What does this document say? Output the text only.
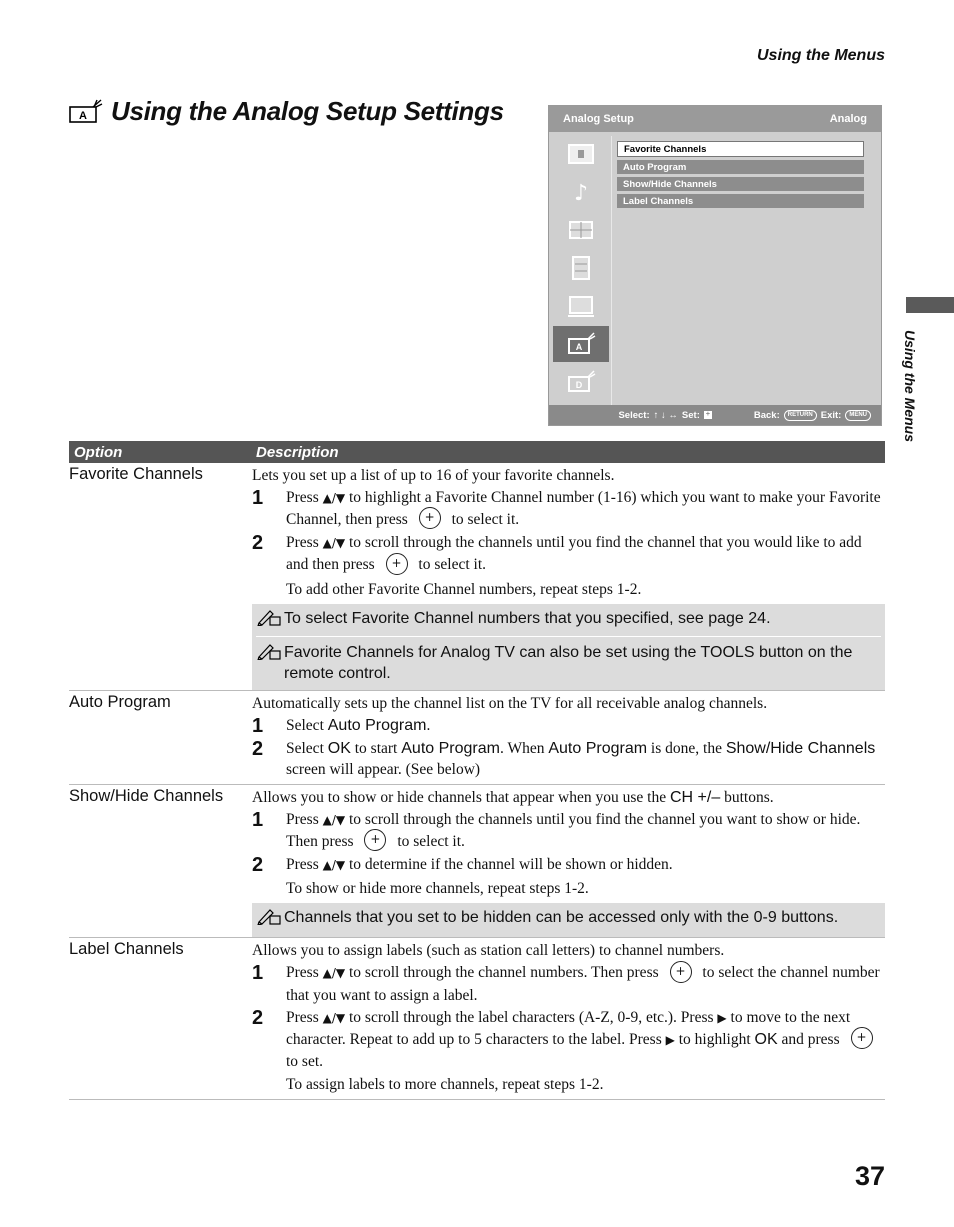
Using the Menus
A Using the Analog Setup Settings
Using the Menus
Analog Setup	Analog
♪
A
D
Favorite Channels
Auto Program
Show/Hide Channels
Label Channels
Select: ↑ ↓ ↔ Set: +	Back:	RETURN Exit:	MENU
Option	Description
Favorite Channels	Lets you set up a list of up to 16 of your favorite channels.
1	Press ▲/▼ to highlight a Favorite Channel number (1-16) which you want to make your Favorite Channel, then press + to select it.
2	Press ▲/▼ to scroll through the channels until you find the channel that you would like to add and then press + to select it.
To add other Favorite Channel numbers, repeat steps 1-2.
To select Favorite Channel numbers that you specified, see page 24.
Favorite Channels for Analog TV can also be set using the TOOLS button on the remote control.
Auto Program	Automatically sets up the channel list on the TV for all receivable analog channels.
1	Select Auto Program.
2	Select OK to start Auto Program. When Auto Program is done, the Show/Hide Channels screen will appear. (See below)
Show/Hide Channels	Allows you to show or hide channels that appear when you use the CH +/– buttons.
1	Press ▲/▼ to scroll through the channels until you find the channel you want to show or hide. Then press + to select it.
2	Press ▲/▼ to determine if the channel will be shown or hidden.
To show or hide more channels, repeat steps 1-2.
Channels that you set to be hidden can be accessed only with the 0-9 buttons.
Label Channels	Allows you to assign labels (such as station call letters) to channel numbers.
1	Press ▲/▼ to scroll through the channel numbers. Then press + to select the channel number that you want to assign a label.
2	Press ▲/▼ to scroll through the label characters (A-Z, 0-9, etc.). Press ▶ to move to the next character. Repeat to add up to 5 characters to the label. Press ▶ to highlight OK and press + to set.
To assign labels to more channels, repeat steps 1-2.
37
